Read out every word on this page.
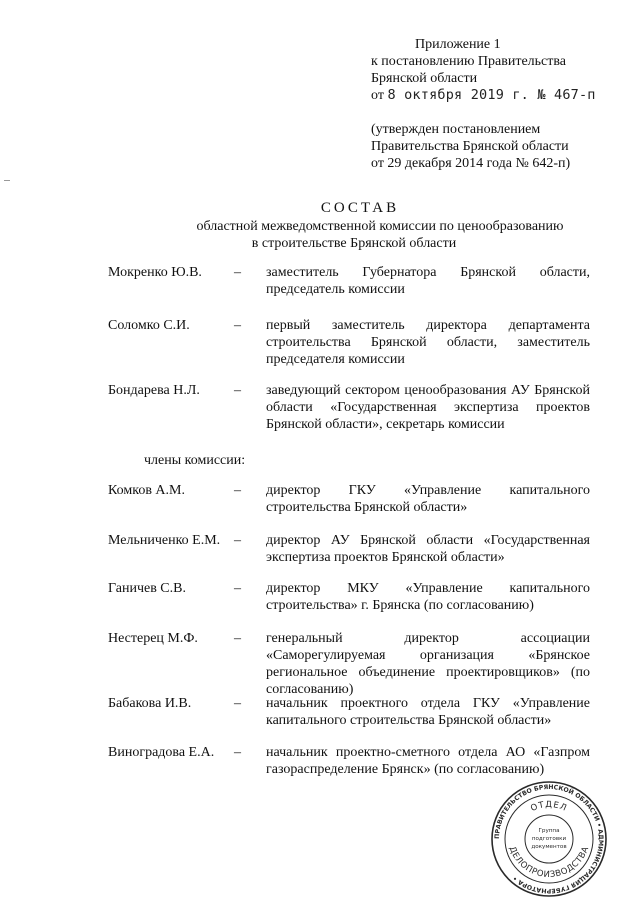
Приложение 1
к постановлению Правительства
Брянской области
от 8 октября 2019 г. № 467-п
(утвержден постановлением
Правительства Брянской области
от 29 декабря 2014 года № 642-п)
СОСТАВ
областной межведомственной комиссии по ценообразованию
в строительстве Брянской области
Мокренко Ю.В. – заместитель Губернатора Брянской области, председатель комиссии
Соломко С.И.	– первый заместитель директора департамента строительства Брянской области, заместитель председателя комиссии
Бондарева Н.Л. – заведующий сектором ценообразования АУ Брянской области «Государственная экспертиза проектов Брянской области», секретарь комиссии
Комков А.М.	– директор ГКУ «Управление капитального строительства Брянской области»
Мельниченко Е.М. – директор АУ Брянской области «Государственная экспертиза проектов Брянской области»
Ганичев С.В.	– директор МКУ «Управление капитального строительства» г. Брянска (по согласованию)
Нестерец М.Ф.	– генеральный директор ассоциации «Саморегулируемая организация «Брянское региональное объединение проектировщиков» (по согласованию)
Бабакова И.В.	– начальник проектного отдела ГКУ «Управление капитального строительства Брянской области»
Виноградова Е.А. – начальник проектно-сметного отдела АО «Газпром газораспределение Брянск» (по согласованию)
члены комиссии:
ПРАВИТЕЛЬСТВО БРЯНСКОЙ ОБЛАСТИ • АДМИНИСТРАЦИЯ ГУБЕРНАТОРА •
ОТДЕЛ
ДЕЛОПРОИЗВОДСТВА
Группа
подготовки
документов
